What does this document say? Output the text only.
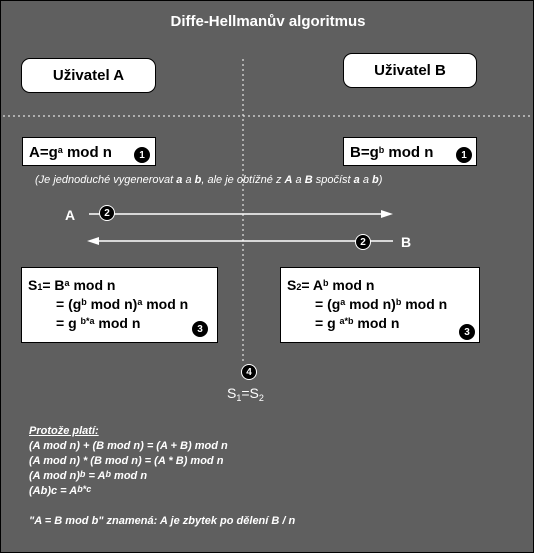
Diffe-Hellmanův algoritmus
Uživatel A	Uživatel B
$A=g^a$ mod n	1	$B=g^b$ mod n	1
(Je jednoduché vygenerovat a a b, ale je obtížné z A a B spočíst a a b)
A	2
B
2
$S_1= B^a$ mod n
= ($g^b$ mod n)$^a$ mod n
= g $^{b*a}$ mod n	3
$S_2= A^b$ mod n
= ($g^a$ mod n)$^b$ mod n
= g $^{a*b}$ mod n
3
4
$S_1=S_2$
Protože platí:
(A mod n) + (B mod n) = (A + B) mod n
(A mod n) * (B mod n) = (A * B) mod n
(A mod $n)^b = A^b$ mod n
$(Ab)c = A^{b*c}$
"A = B mod b" znamená: A je zbytek po dělení B / n
